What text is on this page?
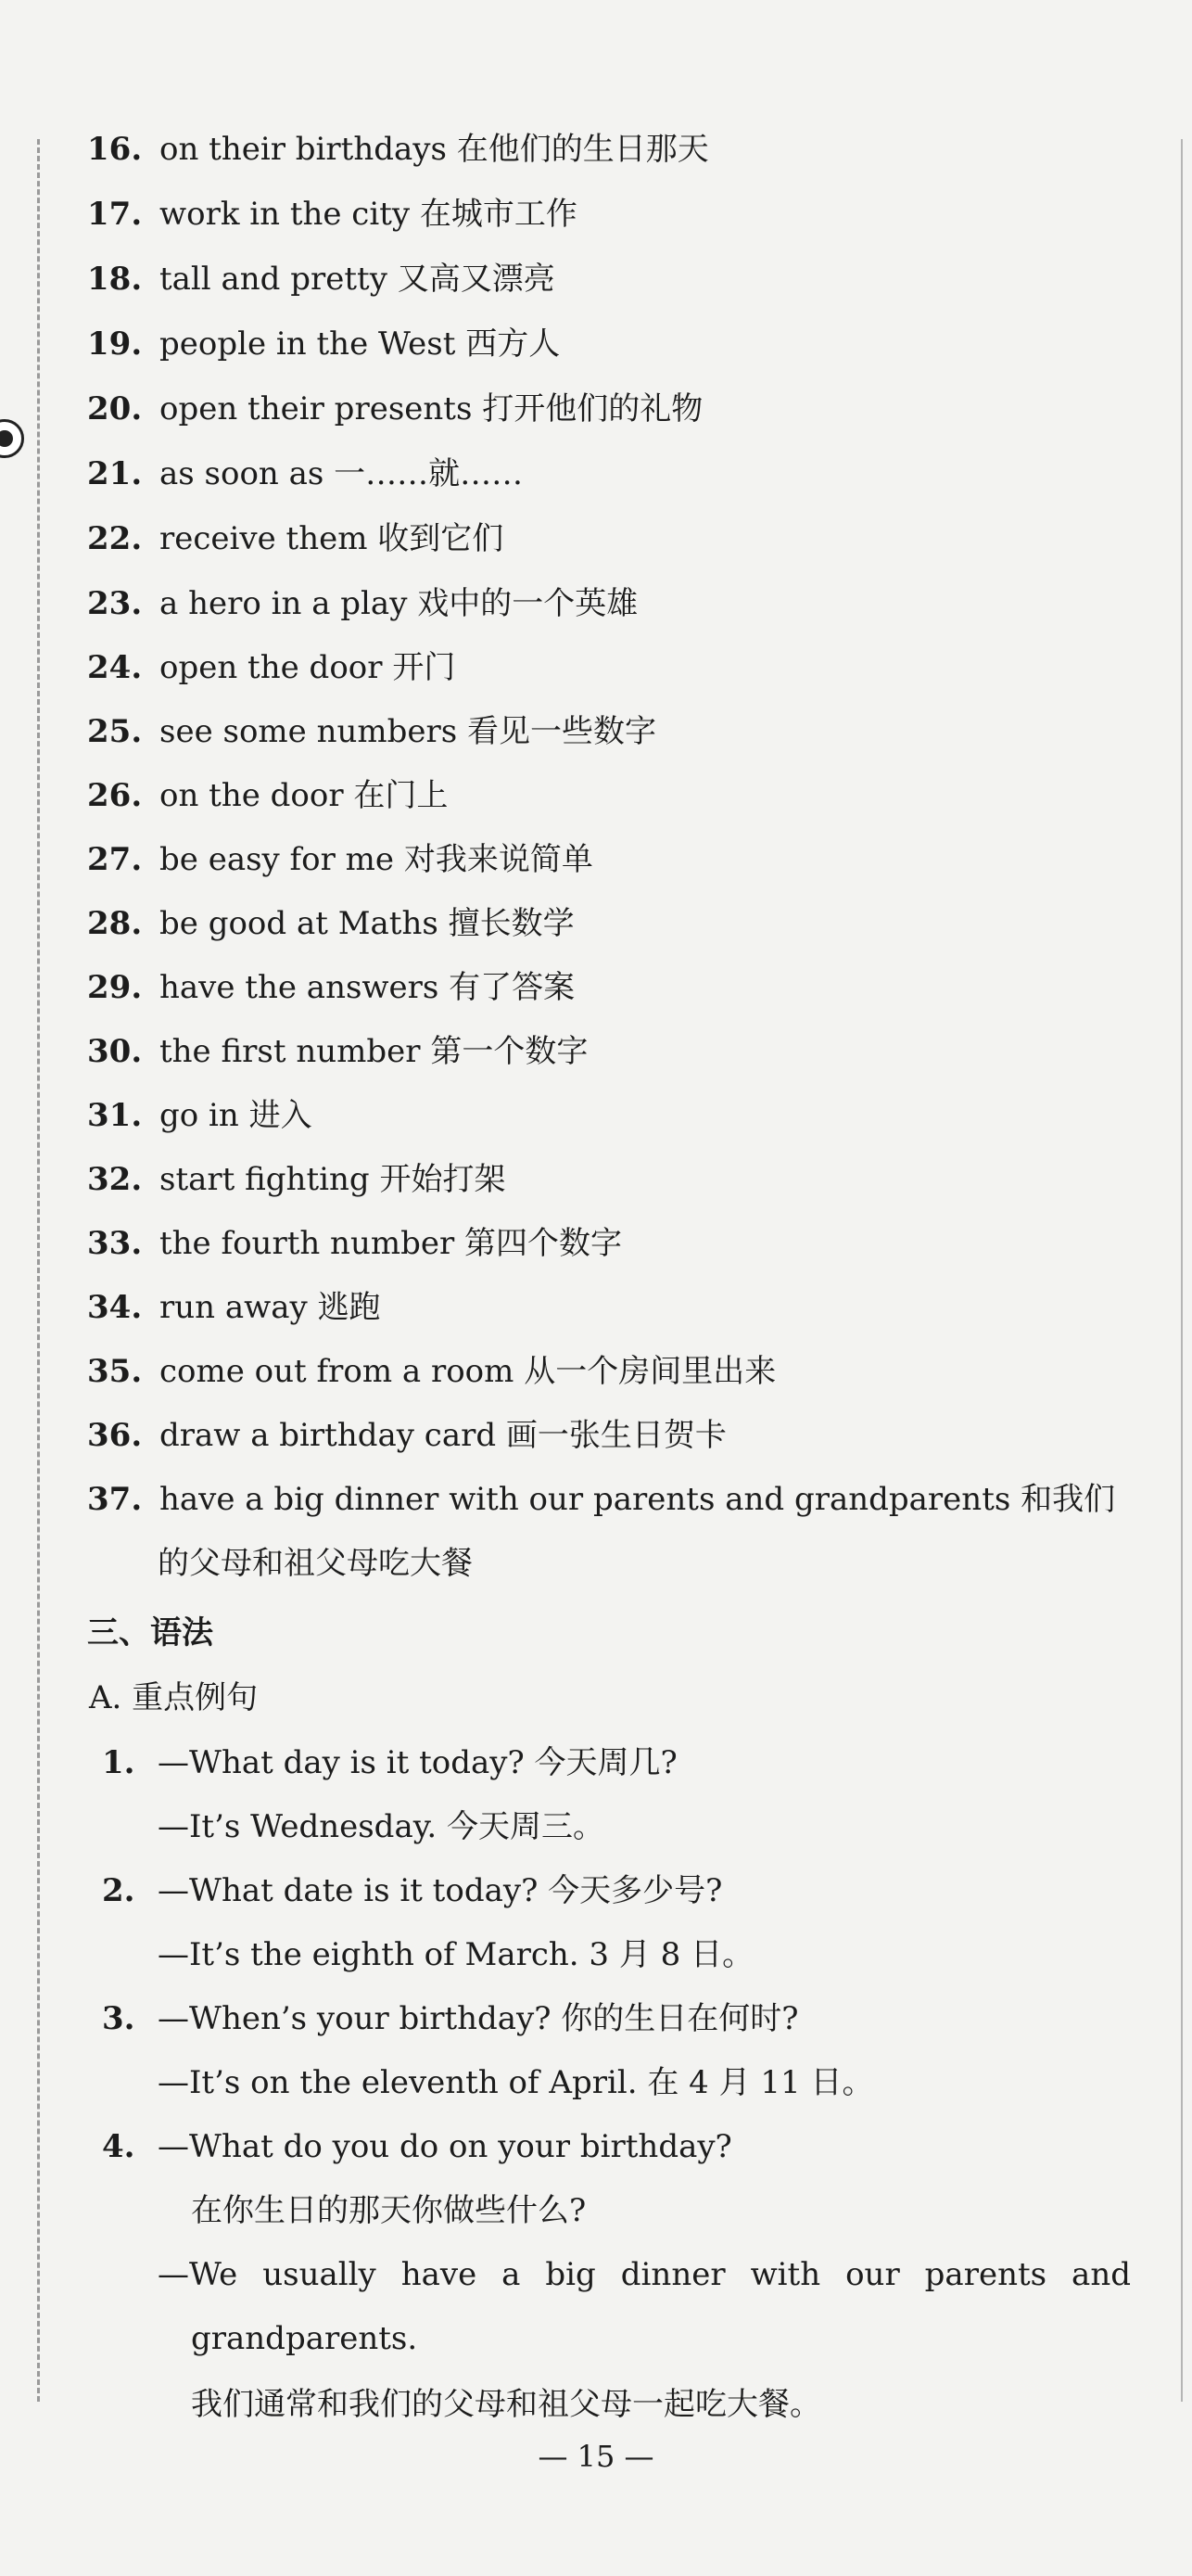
16. on their birthdays 在他们的生日那天
17. work in the city 在城市工作
18. tall and pretty 又高又漂亮
19. people in the West 西方人
20. open their presents 打开他们的礼物
21. as soon as 一……就……
22. receive them 收到它们
23. a hero in a play 戏中的一个英雄
24. open the door 开门
25. see some numbers 看见一些数字
26. on the door 在门上
27. be easy for me 对我来说简单
28. be good at Maths 擅长数学
29. have the answers 有了答案
30. the first number 第一个数字
31. go in 进入
32. start fighting 开始打架
33. the fourth number 第四个数字
34. run away 逃跑
35. come out from a room 从一个房间里出来
36. draw a birthday card 画一张生日贺卡
37. have a big dinner with our parents and grandparents 和我们
的父母和祖父母吃大餐
三、语法
A. 重点例句
1. —What day is it today? 今天周几?
—It’s Wednesday. 今天周三。
2. —What date is it today? 今天多少号?
—It’s the eighth of March. 3 月 8 日。
3. —When’s your birthday? 你的生日在何时?
—It’s on the eleventh of April. 在 4 月 11 日。
4. —What do you do on your birthday?
在你生日的那天你做些什么?
—We usually have a big dinner with our parents and
grandparents.
我们通常和我们的父母和祖父母一起吃大餐。
— 15 —
